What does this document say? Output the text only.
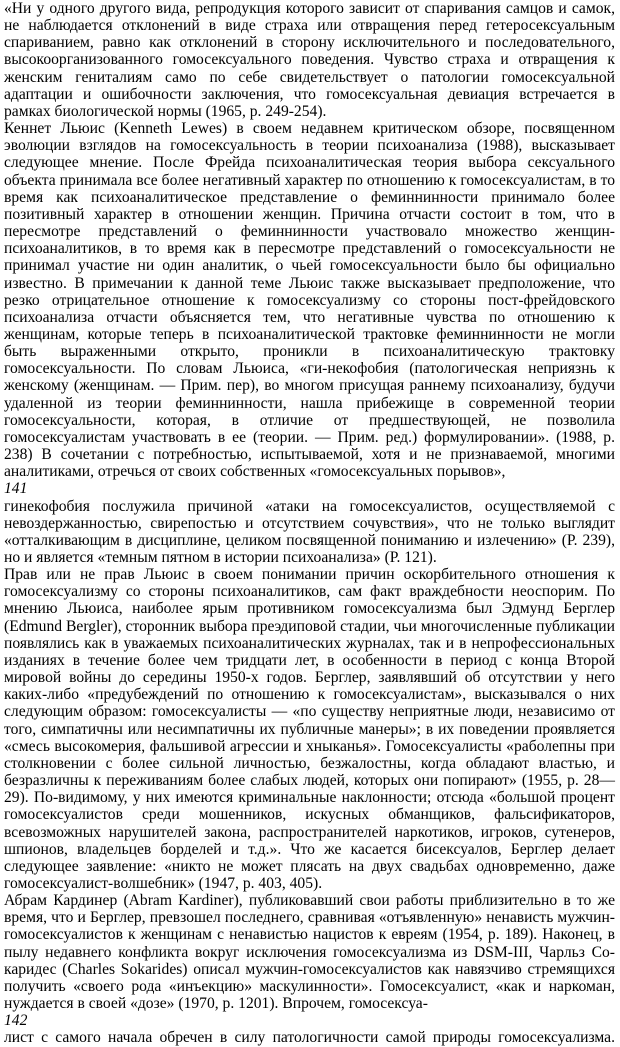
«Ни у одного другого вида, репродукция которого зависит от спаривания самцов и самок, не наблюдается отклонений в виде страха или отвращения перед гетеросексуальным спариванием, равно как отклонений в сторону исключительного и последовательного, высокоорганизованного гомосексуального поведения. Чувство страха и отвращения к женским гениталиям само по себе свидетельствует о патологии гомосексуальной адаптации и ошибочности заключения, что гомосексуальная девиация встречается в рамках биологической нормы (1965, р. 249-254).

Кеннет Льюис (Kenneth Lewes) в своем недавнем критическом обзоре, посвященном эволюции взглядов на гомосексуальность в теории психоанализа (1988), высказывает следующее мнение. После Фрейда психоаналитическая теория выбора сексуального объекта принимала все более негативный характер по отношению к гомосексуалистам, в то время как психоаналитическое представление о феминнинности принимало более позитивный характер в отношении женщин. Причина отчасти состоит в том, что в пересмотре представлений о феминнинности участвовало множество женщин-психоаналитиков, в то время как в пересмотре представлений о гомосексуальности не принимал участие ни один аналитик, о чьей гомосексуальности было бы официально известно. В примечании к данной теме Льюис также высказывает предположение, что резко отрицательное отношение к гомосексуализму со стороны пост-фрейдовского психоанализа отчасти объясняется тем, что негативные чувства по отношению к женщинам, которые теперь в психоаналитической трактовке феминнинности не могли быть выраженными открыто, проникли в психоаналитическую трактовку гомосексуальности. По словам Льюиса, «ги-некофобия (патологическая неприязнь к женскому (женщинам. — Прим. пер), во многом присущая раннему психоанализу, будучи удаленной из теории феминнинности, нашла прибежище в современной теории гомосексуальности, которая, в отличие от предшествующей, не позволила гомосексуалистам участвовать в ее (теории. — Прим. ред.) формулировании». (1988, р. 238) В сочетании с потребностью, испытываемой, хотя и не признаваемой, многими аналитиками, отречься от своих собственных «гомосексуальных порывов»,

141

гинекофобия послужила причиной «атаки на гомосексуалистов, осуществляемой с невоздержанностью, свирепостью и отсутствием сочувствия», что не только выглядит «отталкивающим в дисциплине, целиком посвященной пониманию и излечению» (Р. 239), но и является «темным пятном в истории психоанализа» (Р. 121).

Прав или не прав Льюис в своем понимании причин оскорбительного отношения к гомосексуализму со стороны психоаналитиков, сам факт враждебности неоспорим. По мнению Льюиса, наиболее ярым противником гомосексуализма был Эдмунд Берглер (Edmund Bergler), сторонник выбора преэдиповой стадии, чьи многочисленные публикации появлялись как в уважаемых психоаналитических журналах, так и в непрофессиональных изданиях в течение более чем тридцати лет, в особенности в период с конца Второй мировой войны до середины 1950-х годов. Берглер, заявлявший об отсутствии у него каких-либо «предубеждений по отношению к гомосексуалистам», высказывался о них следующим образом: гомосексуалисты — «по существу неприятные люди, независимо от того, симпатичны или несимпатичны их публичные манеры»; в их поведении проявляется «смесь высокомерия, фальшивой агрессии и хныканья». Гомосексуалисты «раболепны при столкновении с более сильной личностью, безжалостны, когда обладают властью, и безразличны к переживаниям более слабых людей, которых они попирают» (1955, р. 28—29). По-видимому, у них имеются криминальные наклонности; отсюда «большой процент гомосексуалистов среди мошенников, искусных обманщиков, фальсификаторов, всевозможных нарушителей закона, распространителей наркотиков, игроков, сутенеров, шпионов, владельцев борделей и т.д.». Что же касается бисексуалов, Берглер делает следующее заявление: «никто не может плясать на двух свадьбах одновременно, даже гомосексуалист-волшебник» (1947, р. 403, 405).

Абрам Кардинер (Abram Kardiner), публиковавший свои работы приблизительно в то же время, что и Берглер, превзошел последнего, сравнивая «отъявленную» ненависть мужчин-гомосексуалистов к женщинам с ненавистью нацистов к евреям (1954, р. 189). Наконец, в пылу недавнего конфликта вокруг исключения гомосексуализма из DSM-III, Чарльз Со-каридес (Charles Sokarides) описал мужчин-гомосексуалистов как навязчиво стремящихся получить «своего рода «инъекцию» маскулинности». Гомосексуалист, «как и наркоман, нуждается в своей «дозе» (1970, р. 1201). Впрочем, гомосексуа-

142

лист с самого начала обречен в силу патологичности самой природы гомосексуализма.
